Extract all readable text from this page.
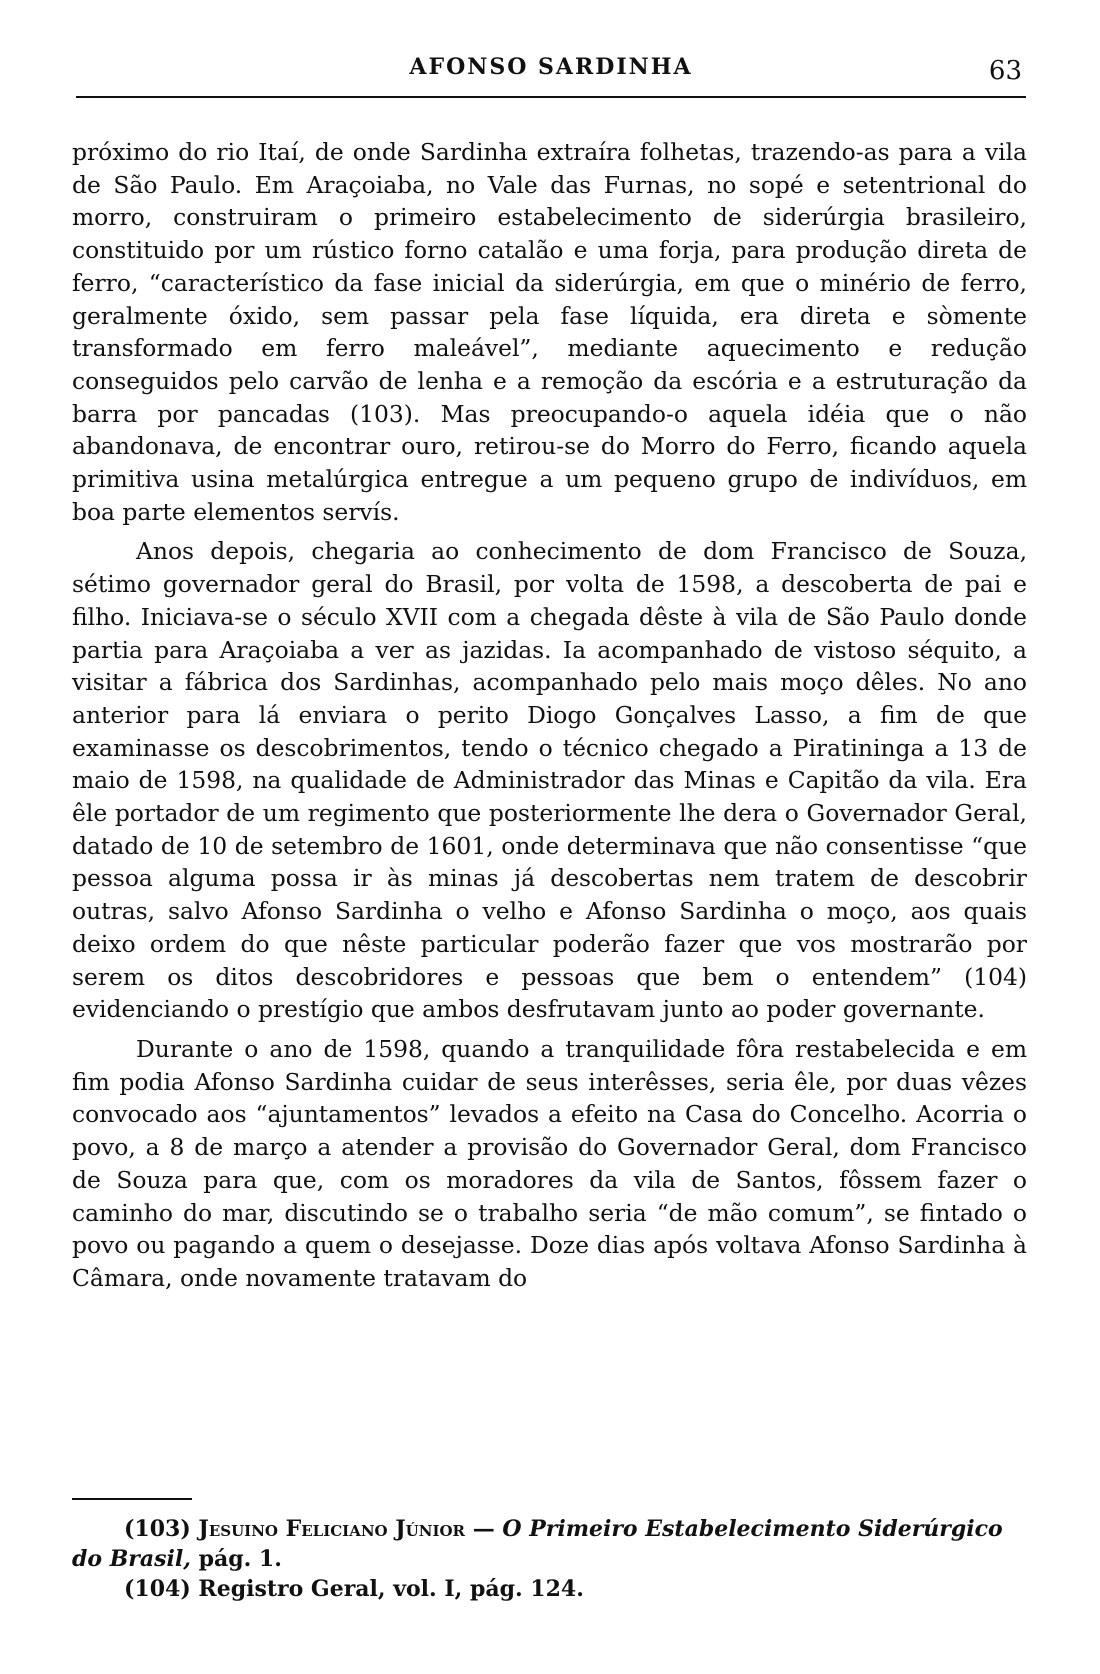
AFONSO SARDINHA	63

próximo do rio Itaí, de onde Sardinha extraíra folhetas, trazendo-as para a vila de São Paulo. Em Araçoiaba, no Vale das Furnas, no sopé e setentrional do morro, construiram o primeiro estabelecimento de siderúrgia brasileiro, constituido por um rústico forno catalão e uma forja, para produção direta de ferro, “característico da fase inicial da siderúrgia, em que o minério de ferro, geralmente óxido, sem passar pela fase líquida, era direta e sòmente transformado em ferro maleável”, mediante aquecimento e redução conseguidos pelo carvão de lenha e a remoção da escória e a estruturação da barra por pancadas (103). Mas preocupando-o aquela idéia que o não abandonava, de encontrar ouro, retirou-se do Morro do Ferro, ficando aquela primitiva usina metalúrgica entregue a um pequeno grupo de indivíduos, em boa parte elementos servís.

Anos depois, chegaria ao conhecimento de dom Francisco de Souza, sétimo governador geral do Brasil, por volta de 1598, a descoberta de pai e filho. Iniciava-se o século XVII com a chegada dêste à vila de São Paulo donde partia para Araçoiaba a ver as jazidas. Ia acompanhado de vistoso séquito, a visitar a fábrica dos Sardinhas, acompanhado pelo mais moço dêles. No ano anterior para lá enviara o perito Diogo Gonçalves Lasso, a fim de que examinasse os descobrimentos, tendo o técnico chegado a Piratininga a 13 de maio de 1598, na qualidade de Administrador das Minas e Capitão da vila. Era êle portador de um regimento que posteriormente lhe dera o Governador Geral, datado de 10 de setembro de 1601, onde determinava que não consentisse “que pessoa alguma possa ir às minas já descobertas nem tratem de descobrir outras, salvo Afonso Sardinha o velho e Afonso Sardinha o moço, aos quais deixo ordem do que nêste particular poderão fazer que vos mostrarão por serem os ditos descobridores e pessoas que bem o entendem” (104) evidenciando o prestígio que ambos desfrutavam junto ao poder governante.

Durante o ano de 1598, quando a tranquilidade fôra restabelecida e em fim podia Afonso Sardinha cuidar de seus interêsses, seria êle, por duas vêzes convocado aos “ajuntamentos” levados a efeito na Casa do Concelho. Acorria o povo, a 8 de março a atender a provisão do Governador Geral, dom Francisco de Souza para que, com os moradores da vila de Santos, fôssem fazer o caminho do mar, discutindo se o trabalho seria “de mão comum”, se fintado o povo ou pagando a quem o desejasse. Doze dias após voltava Afonso Sardinha à Câmara, onde novamente tratavam do

(103) Jesuino Feliciano Júnior — O Primeiro Estabelecimento Siderúrgico do Brasil, pág. 1.

(104) Registro Geral, vol. I, pág. 124.
